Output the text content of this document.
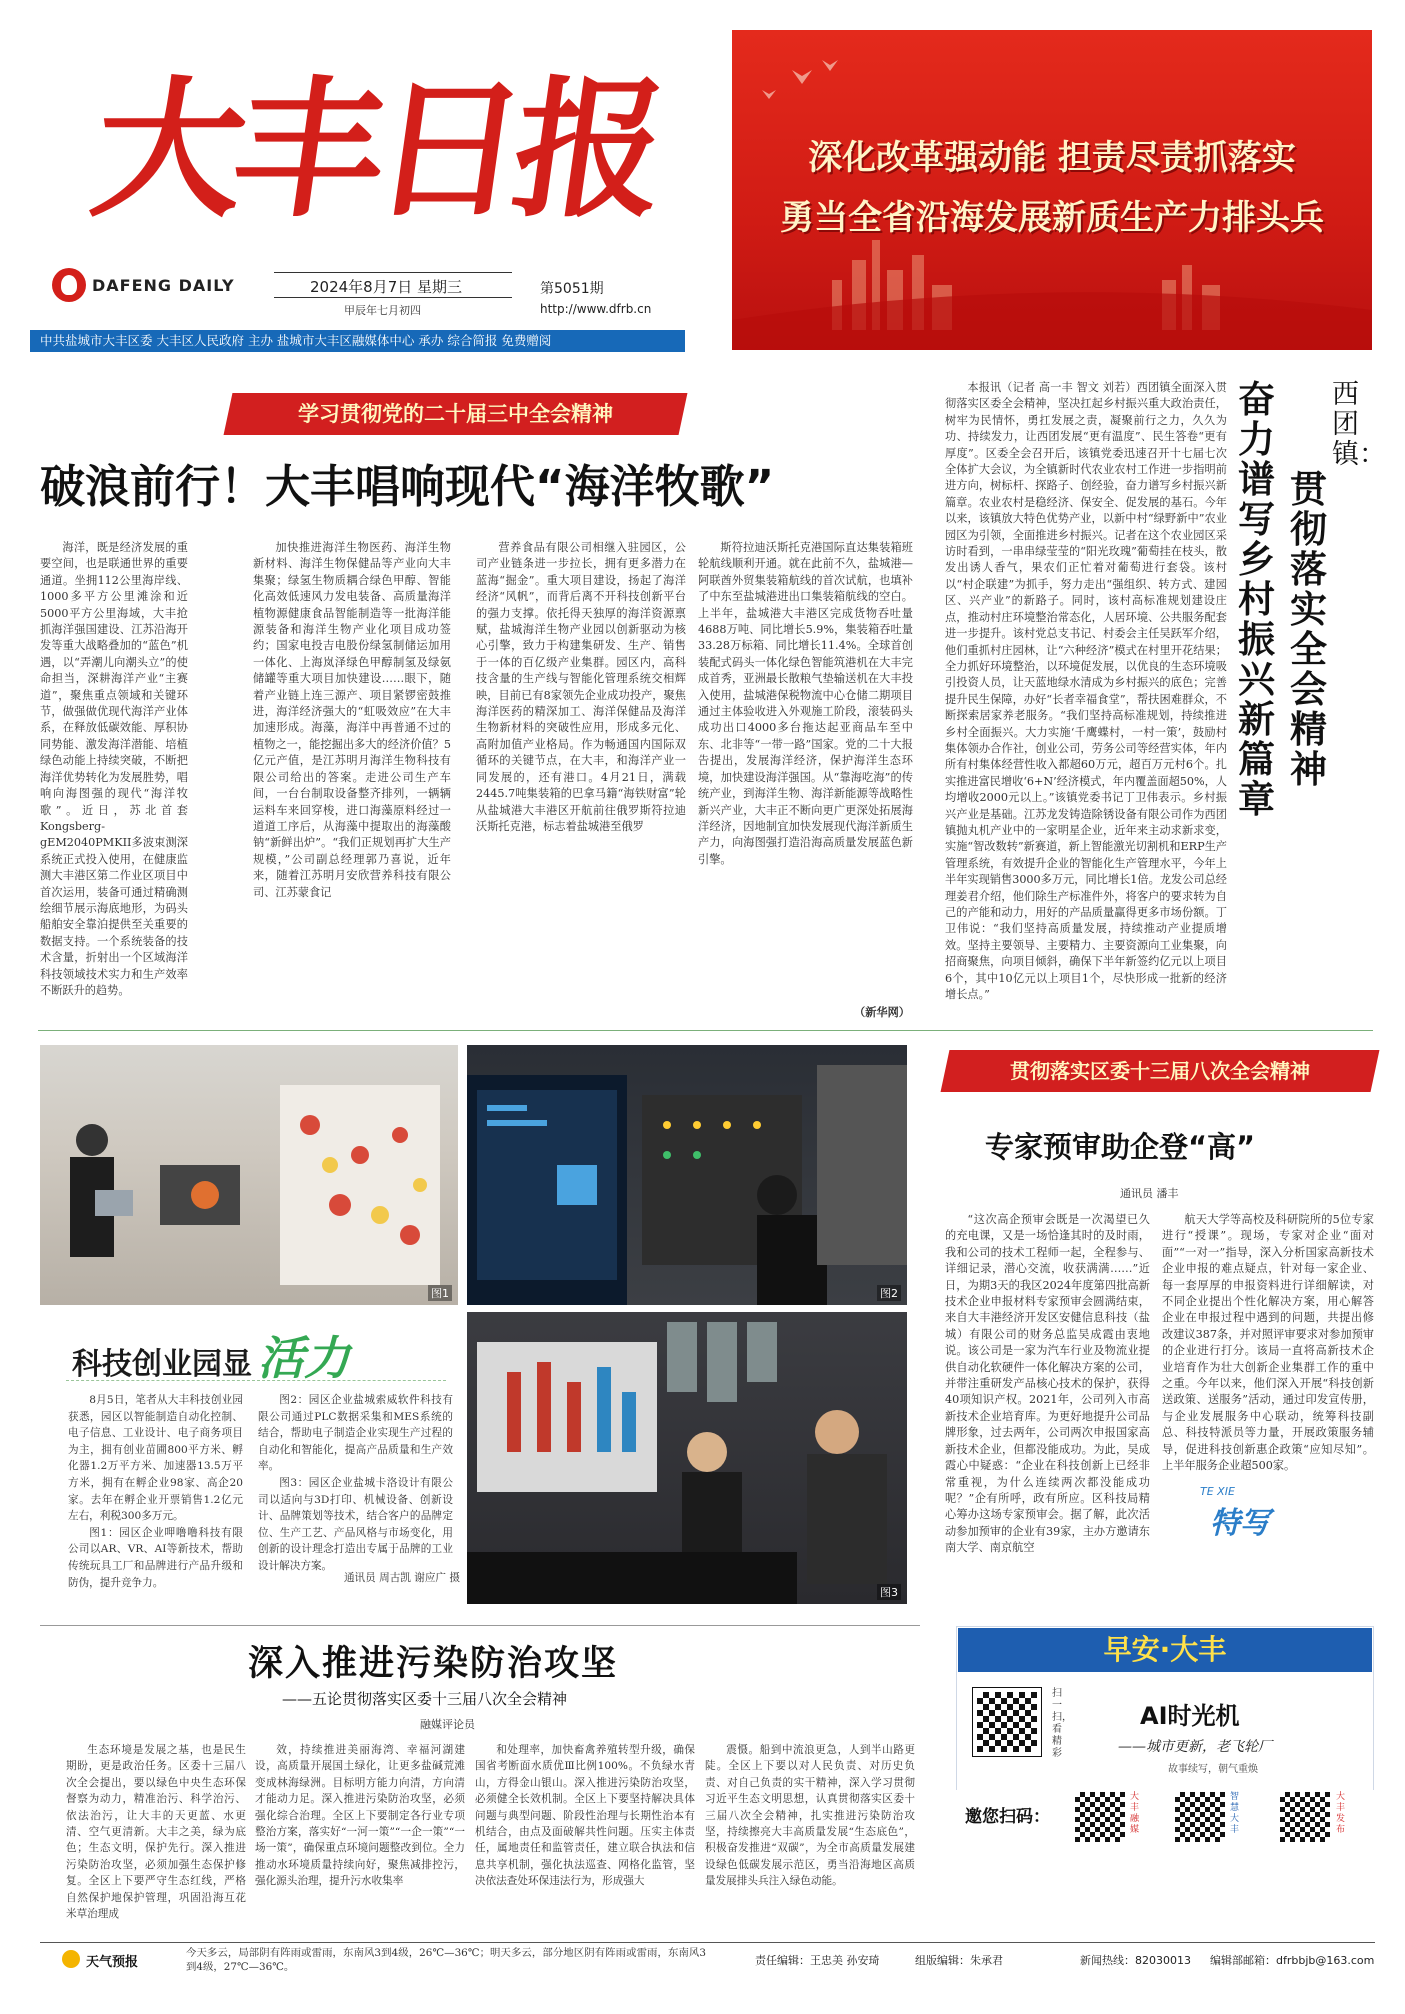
大丰日报
DAFENG DAILY	2024年8月7日 星期三
甲辰年七月初四
第5051期
http://www.dfrb.cn
中共盐城市大丰区委 大丰区人民政府 主办 盐城市大丰区融媒体中心 承办 综合简报 免费赠阅
深化改革强动能 担责尽责抓落实
勇当全省沿海发展新质生产力排头兵
学习贯彻党的二十届三中全会精神
破浪前行！大丰唱响现代“海洋牧歌”

海洋，既是经济发展的重要空间，也是联通世界的重要通道。坐拥112公里海岸线、1000多平方公里滩涂和近5000平方公里海域，大丰抢抓海洋强国建设、江苏沿海开发等重大战略叠加的“蓝色”机遇，以“弄潮儿向潮头立”的使命担当，深耕海洋产业“主赛道”，聚焦重点领域和关键环节，做强做优现代海洋产业体系，在释放低碳效能、厚积协同势能、激发海洋潜能、培植绿色动能上持续突破，不断把海洋优势转化为发展胜势，唱响向海图强的现代“海洋牧歌”。近日，苏北首套Kongsberg-gEM2040PMKII多波束测深系统正式投入使用，在健康监测大丰港区第二作业区项目中首次运用，装备可通过精确测绘细节展示海底地形，为码头船舶安全靠泊提供至关重要的数据支持。一个系统装备的技术含量，折射出一个区域海洋科技领域技术实力和生产效率不断跃升的趋势。

加快推进海洋生物医药、海洋生物新材料、海洋生物保健品等产业向大丰集聚；绿氢生物质耦合绿色甲醇、智能化高效低速风力发电装备、高质量海洋植物源健康食品智能制造等一批海洋能源装备和海洋生物产业化项目成功签约；国家电投吉电股份绿氢制储运加用一体化、上海岚泽绿色甲醇制氢及绿氨储罐等重大项目加快建设……眼下，随着产业链上连三源产、项目紧锣密鼓推进，海洋经济强大的“虹吸效应”在大丰加速形成。海藻，海洋中再普通不过的植物之一，能挖掘出多大的经济价值？5亿元产值，是江苏明月海洋生物科技有限公司给出的答案。走进公司生产车间，一台台制取设备整齐排列，一辆辆运料车来回穿梭，进口海藻原料经过一道道工序后，从海藻中提取出的海藻酸钠“新鲜出炉”。“我们正规划再扩大生产规模，”公司副总经理郭乃喜说，近年来，随着江苏明月安欣营养科技有限公司、江苏蒙食记

营养食品有限公司相继入驻园区，公司产业链条进一步拉长，拥有更多潜力在蓝海“掘金”。重大项目建设，扬起了海洋经济“风帆”，而背后离不开科技创新平台的强力支撑。依托得天独厚的海洋资源禀赋，盐城海洋生物产业园以创新驱动为核心引擎，致力于构建集研发、生产、销售于一体的百亿级产业集群。园区内，高科技含量的生产线与智能化管理系统交相辉映，目前已有8家领先企业成功投产，聚焦海洋医药的精深加工、海洋保健品及海洋生物新材料的突破性应用，形成多元化、高附加值产业格局。作为畅通国内国际双循环的关键节点，在大丰，和海洋产业一同发展的，还有港口。4月21日，满载2445.7吨集装箱的巴拿马籍“海铁财富”轮从盐城港大丰港区开航前往俄罗斯符拉迪沃斯托克港，标志着盐城港至俄罗

斯符拉迪沃斯托克港国际直达集装箱班轮航线顺利开通。就在此前不久，盐城港—阿联酋外贸集装箱航线的首次试航，也填补了中东至盐城港进出口集装箱航线的空白。上半年，盐城港大丰港区完成货物吞吐量4688万吨、同比增长5.9%，集装箱吞吐量33.28万标箱、同比增长11.4%。全球首创装配式码头一体化绿色智能筑港机在大丰完成首秀，亚洲最长散粮气垫输送机在大丰投入使用，盐城港保税物流中心仓储二期项目通过主体验收进入外观施工阶段，滚装码头成功出口4000多台拖达起亚商品车至中东、北非等“一带一路”国家。党的二十大报告提出，发展海洋经济，保护海洋生态环境，加快建设海洋强国。从“靠海吃海”的传统产业，到海洋生物、海洋新能源等战略性新兴产业，大丰正不断向更广更深处拓展海洋经济，因地制宜加快发展现代海洋新质生产力，向海图强打造沿海高质量发展蓝色新引擎。

（新华网）
西团镇：
贯彻落实全会精神
奋力谱写乡村振兴新篇章

本报讯（记者 高一丰 智文 刘若）西团镇全面深入贯彻落实区委全会精神，坚决扛起乡村振兴重大政治责任，树牢为民情怀，勇扛发展之责，凝聚前行之力，久久为功、持续发力，让西团发展“更有温度”、民生答卷“更有厚度”。区委全会召开后，该镇党委迅速召开十七届七次全体扩大会议，为全镇新时代农业农村工作进一步指明前进方向，树标杆、探路子、创经验，奋力谱写乡村振兴新篇章。农业农村是稳经济、保安全、促发展的基石。今年以来，该镇放大特色优势产业，以新中村“绿野新中”农业园区为引领，全面推进乡村振兴。记者在这个农业园区采访时看到，一串串绿莹莹的“阳光玫瑰”葡萄挂在枝头，散发出诱人香气，果农们正忙着对葡萄进行套袋。该村以“村企联建”为抓手，努力走出“强组织、转方式、建园区、兴产业”的新路子。同时，该村高标准规划建设庄点，推动村庄环境整治常态化，人居环境、公共服务配套进一步提升。该村党总支书记、村委会主任吴跃军介绍，他们重抓村庄园林，让“六种经济”模式在村里开花结果；全力抓好环境整治，以环境促发展，以优良的生态环境吸引投资人员，让天蓝地绿水清成为乡村振兴的底色；完善提升民生保障，办好“长者幸福食堂”，帮扶困难群众，不断探索居家养老服务。“我们坚持高标准规划，持续推进乡村全面振兴。大力实施‘千鹰蝶村，一村一策’，鼓励村集体领办合作社，创业公司，劳务公司等经营实体，年内所有村集体经营性收入都超60万元，超百万元村6个。扎实推进富民增收‘6+N’经济模式，年内覆盖面超50%，人均增收2000元以上。”该镇党委书记丁卫伟表示。乡村振兴产业是基础。江苏龙发铸造除锈设备有限公司作为西团镇抛丸机产业中的一家明星企业，近年来主动求新求变，实施“智改数转”新赛道，新上智能激光切割机和ERP生产管理系统，有效提升企业的智能化生产管理水平，今年上半年实现销售3000多万元，同比增长1倍。龙发公司总经理姜君介绍，他们除生产标准件外，将客户的要求转为自己的产能和动力，用好的产品质量赢得更多市场份额。丁卫伟说：“我们坚持高质量发展，持续推动产业提质增效。坚持主要领导、主要精力、主要资源向工业集聚，向招商聚焦，向项目倾斜，确保下半年新签约亿元以上项目6个，其中10亿元以上项目1个，尽快形成一批新的经济增长点。”

贯彻落实区委十三届八次全会精神
图1	图2
图3
科技创业园显 活力

8月5日，笔者从大丰科技创业园获悉，园区以智能制造自动化控制、电子信息、工业设计、电子商务项目为主，拥有创业苗圃800平方米、孵化器1.2万平方米、加速器13.5万平方米，拥有在孵企业98家、高企20家。去年在孵企业开票销售1.2亿元左右，利税300多万元。

图1：园区企业呷噜噜科技有限公司以AR、VR、AI等新技术，帮助传统玩具工厂和品牌进行产品升级和防伪，提升竞争力。

图2：园区企业盐城索威软件科技有限公司通过PLC数据采集和MES系统的结合，帮助电子制造企业实现生产过程的自动化和智能化，提高产品质量和生产效率。

图3：园区企业盐城卡洛设计有限公司以适向与3D打印、机械设备、创新设计、品牌策划等技术，结合客户的品牌定位、生产工艺、产品风格与市场变化，用创新的设计理念打造出专属于品牌的工业设计解决方案。

通讯员 周古凯 谢应广 摄
专家预审助企登“高”
通讯员 潘丰

“这次高企预审会既是一次渴望已久的充电课，又是一场恰逢其时的及时雨，我和公司的技术工程师一起，全程参与、详细记录，潜心交流，收获满满……”近日，为期3天的我区2024年度第四批高新技术企业申报材料专家预审会圆满结束，来自大丰港经济开发区安健信息科技（盐城）有限公司的财务总监吴成霞由衷地说。该公司是一家为汽车行业及物流业提供自动化软硬件一体化解决方案的公司，并带注重研发产品核心技术的保护，获得40项知识产权。2021年，公司列入市高新技术企业培育库。为更好地提升公司品牌形象，过去两年，公司两次申报国家高新技术企业，但都没能成功。为此，吴成霞心中疑惑：“企业在科技创新上已经非常重视，为什么连续两次都没能成功呢？”企有所呼，政有所应。区科技局精心筹办这场专家预审会。据了解，此次活动参加预审的企业有39家，主办方邀请东南大学、南京航空

航天大学等高校及科研院所的5位专家进行“授课”。现场，专家对企业“面对面”“一对一”指导，深入分析国家高新技术企业申报的难点疑点，针对每一家企业、每一套厚厚的申报资料进行详细解读，对不同企业提出个性化解决方案，用心解答企业在申报过程中遇到的问题，共提出修改建议387条，并对照评审要求对参加预审的企业进行打分。该局一直将高新技术企业培育作为壮大创新企业集群工作的重中之重。今年以来，他们深入开展“科技创新送政策、送服务”活动，通过印发宣传册，与企业发展服务中心联动，统筹科技副总、科技特派员等力量，开展政策服务辅导，促进科技创新惠企政策“应知尽知”。上半年服务企业超500家。

TE XIE
特写
深入推进污染防治攻坚
——五论贯彻落实区委十三届八次全会精神
融媒评论员

生态环境是发展之基，也是民生期盼，更是政治任务。区委十三届八次全会提出，要以绿色中央生态环保督察为动力，精准治污、科学治污、依法治污，让大丰的天更蓝、水更清、空气更清新。大丰之美，绿为底色；生态文明，保护先行。深入推进污染防治攻坚，必须加强生态保护修复。全区上下要严守生态红线，严格自然保护地保护管理，巩固沿海互花米草治理成

效，持续推进美丽海湾、幸福河湖建设，高质量开展国土绿化，让更多盐碱荒滩变成林海绿洲。目标明方能力向清，方向清才能动力足。深入推进污染防治攻坚，必须强化综合治理。全区上下要制定各行业专项整治方案，落实好“一河一策”“一企一策”“一场一策”，确保重点环境问题整改到位。全力推动水环境质量持续向好，聚焦减排控污，强化源头治理，提升污水收集率

和处理率，加快畜禽养殖转型升级，确保国省考断面水质优Ⅲ比例100%。不负绿水青山，方得金山银山。深入推进污染防治攻坚，必须健全长效机制。全区上下要坚持解决具体问题与典型问题、阶段性治理与长期性治本有机结合，由点及面破解共性问题。压实主体责任，属地责任和监管责任，建立联合执法和信息共享机制，强化执法巡查、网格化监管，坚决依法查处环保违法行为，形成强大

震慑。船到中流浪更急，人到半山路更陡。全区上下要以对人民负责、对历史负责、对自己负责的实干精神，深入学习贯彻习近平生态文明思想，认真贯彻落实区委十三届八次全会精神，扎实推进污染防治攻坚，持续擦亮大丰高质量发展“生态底色”，积极奋发推进“双碳”，为全市高质量发展建设绿色低碳发展示范区，勇当沿海地区高质量发展排头兵注入绿色动能。

早安·大丰
扫一扫，看精彩
AI时光机
——城市更新，老飞轮厂
故事续写，朝气重焕
邀您扫码：
大丰融媒
智慧大丰
大丰发布
天气预报
今天多云，局部阴有阵雨或雷雨，东南风3到4级，26℃—36℃；明天多云，部分地区阴有阵雨或雷雨，东南风3到4级，27℃—36℃。	责任编辑：王忠美 孙安琦	组版编辑：朱承君	新闻热线：82030013 编辑部邮箱：dfrbbjb@163.com
